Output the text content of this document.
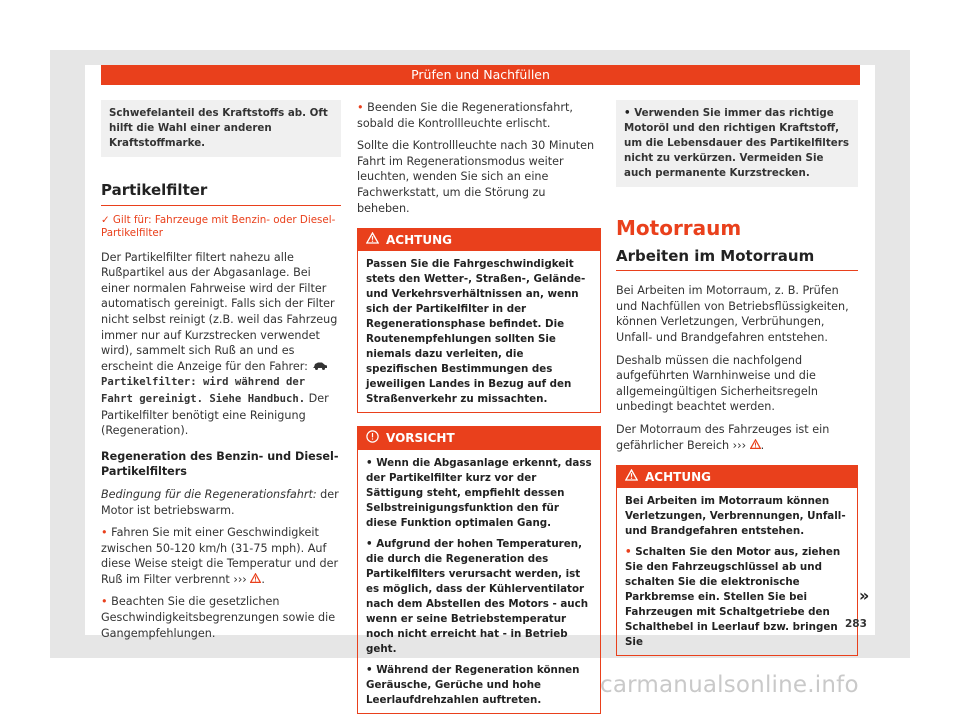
Prüfen und Nachfüllen
Schwefelanteil des Kraftstoffs ab. Oft hilft die Wahl einer anderen Kraftstoffmarke.
Partikelfilter

✓ Gilt für: Fahrzeuge mit Benzin- oder Diesel-Partikelfilter

Der Partikelfilter filtert nahezu alle Rußpartikel aus der Abgasanlage. Bei einer normalen Fahrweise wird der Filter automatisch gereinigt. Falls sich der Filter nicht selbst reinigt (z.B. weil das Fahrzeug immer nur auf Kurzstrecken verwendet wird), sammelt sich Ruß an und es erscheint die Anzeige für den Fahrer:  Partikelfilter: wird während der Fahrt gereinigt. Siehe Handbuch. Der Partikelfilter benötigt eine Reinigung (Regeneration).

Regeneration des Benzin- und Diesel-Partikelfilters

Bedingung für die Regenerationsfahrt: der Motor ist betriebswarm.

• Fahren Sie mit einer Geschwindigkeit zwischen 50-120 km/h (31-75 mph). Auf diese Weise steigt die Temperatur und der Ruß im Filter verbrennt ››› .

• Beachten Sie die gesetzlichen Geschwindigkeitsbegrenzungen sowie die Gangempfehlungen.

• Beenden Sie die Regenerationsfahrt, sobald die Kontrollleuchte erlischt.

Sollte die Kontrollleuchte nach 30 Minuten Fahrt im Regenerationsmodus weiter leuchten, wenden Sie sich an eine Fachwerkstatt, um die Störung zu beheben.

ACHTUNG

Passen Sie die Fahrgeschwindigkeit stets den Wetter-, Straßen-, Gelände- und Verkehrsverhältnissen an, wenn sich der Partikelfilter in der Regenerationsphase befindet. Die Routenempfehlungen sollten Sie niemals dazu verleiten, die spezifischen Bestimmungen des jeweiligen Landes in Bezug auf den Straßenverkehr zu missachten.

VORSICHT

• Wenn die Abgasanlage erkennt, dass der Partikelfilter kurz vor der Sättigung steht, empfiehlt dessen Selbstreinigungsfunktion den für diese Funktion optimalen Gang.

• Aufgrund der hohen Temperaturen, die durch die Regeneration des Partikelfilters verursacht werden, ist es möglich, dass der Kühlerventilator nach dem Abstellen des Motors - auch wenn er seine Betriebstemperatur noch nicht erreicht hat - in Betrieb geht.

• Während der Regeneration können Geräusche, Gerüche und hohe Leerlaufdrehzahlen auftreten.

• Verwenden Sie immer das richtige Motoröl und den richtigen Kraftstoff, um die Lebensdauer des Partikelfilters nicht zu verkürzen. Vermeiden Sie auch permanente Kurzstrecken.
Motorraum
Arbeiten im Motorraum

Bei Arbeiten im Motorraum, z. B. Prüfen und Nachfüllen von Betriebsflüssigkeiten, können Verletzungen, Verbrühungen, Unfall- und Brandgefahren entstehen.

Deshalb müssen die nachfolgend aufgeführten Warnhinweise und die allgemeingültigen Sicherheitsregeln unbedingt beachtet werden.

Der Motorraum des Fahrzeuges ist ein gefährlicher Bereich ››› .

ACHTUNG

Bei Arbeiten im Motorraum können Verletzungen, Verbrennungen, Unfall- und Brandgefahren entstehen.

• Schalten Sie den Motor aus, ziehen Sie den Fahrzeugschlüssel ab und schalten Sie die elektronische Parkbremse ein. Stellen Sie bei Fahrzeugen mit Schaltgetriebe den Schalthebel in Leerlauf bzw. bringen Sie

»
283
carmanualsonline.info
